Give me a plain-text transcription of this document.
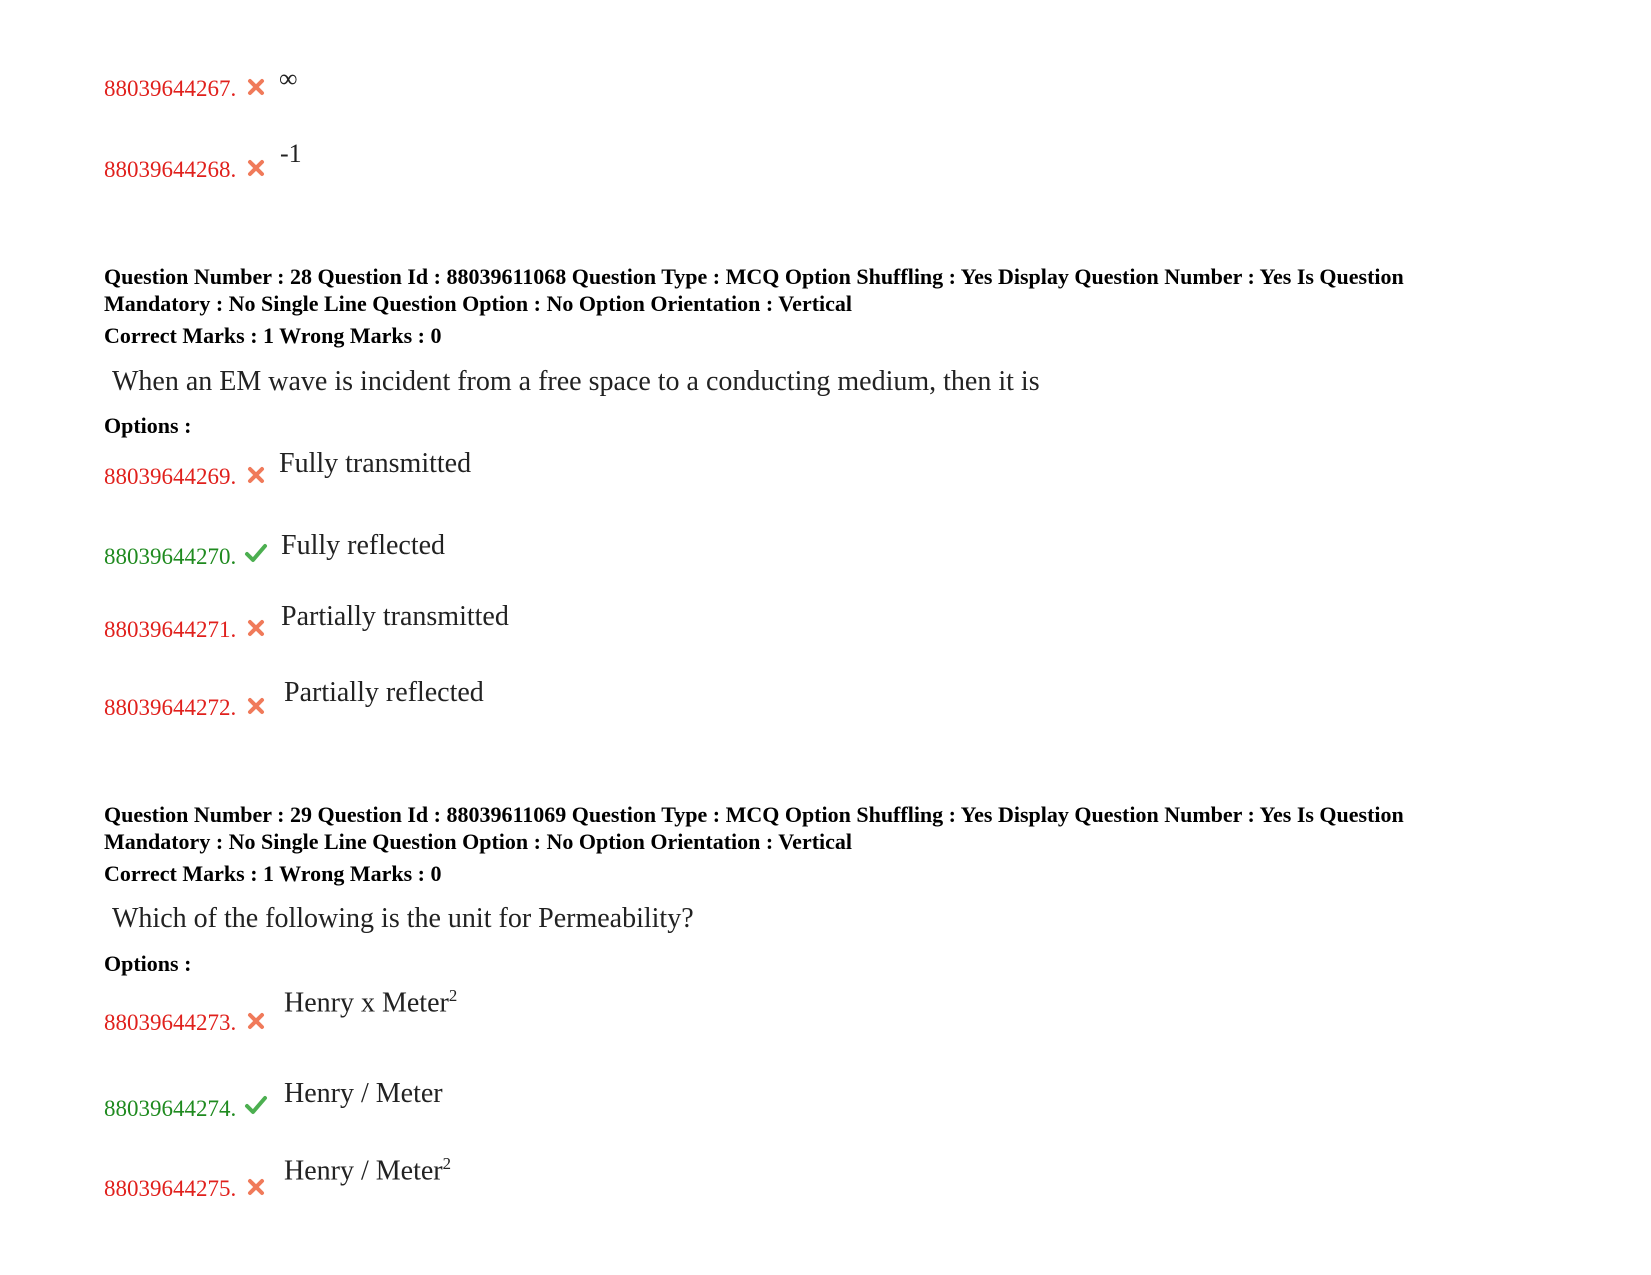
88039644267. ∞
88039644268.
-1
Question Number : 28 Question Id : 88039611068 Question Type : MCQ Option Shuffling : Yes Display Question Number : Yes Is Question
Mandatory : No Single Line Question Option : No Option Orientation : Vertical
Correct Marks : 1 Wrong Marks : 0
When an EM wave is incident from a free space to a conducting medium, then it is
Options :
88039644269. Fully transmitted
88039644270. Fully reflected
88039644271. Partially transmitted
88039644272. Partially reflected
Question Number : 29 Question Id : 88039611069 Question Type : MCQ Option Shuffling : Yes Display Question Number : Yes Is Question
Mandatory : No Single Line Question Option : No Option Orientation : Vertical
Correct Marks : 1 Wrong Marks : 0
Which of the following is the unit for Permeability?
Options :
88039644273.
Henry x Meter$^2$
88039644274. Henry / Meter
88039644275.
Henry / Meter$^2$
